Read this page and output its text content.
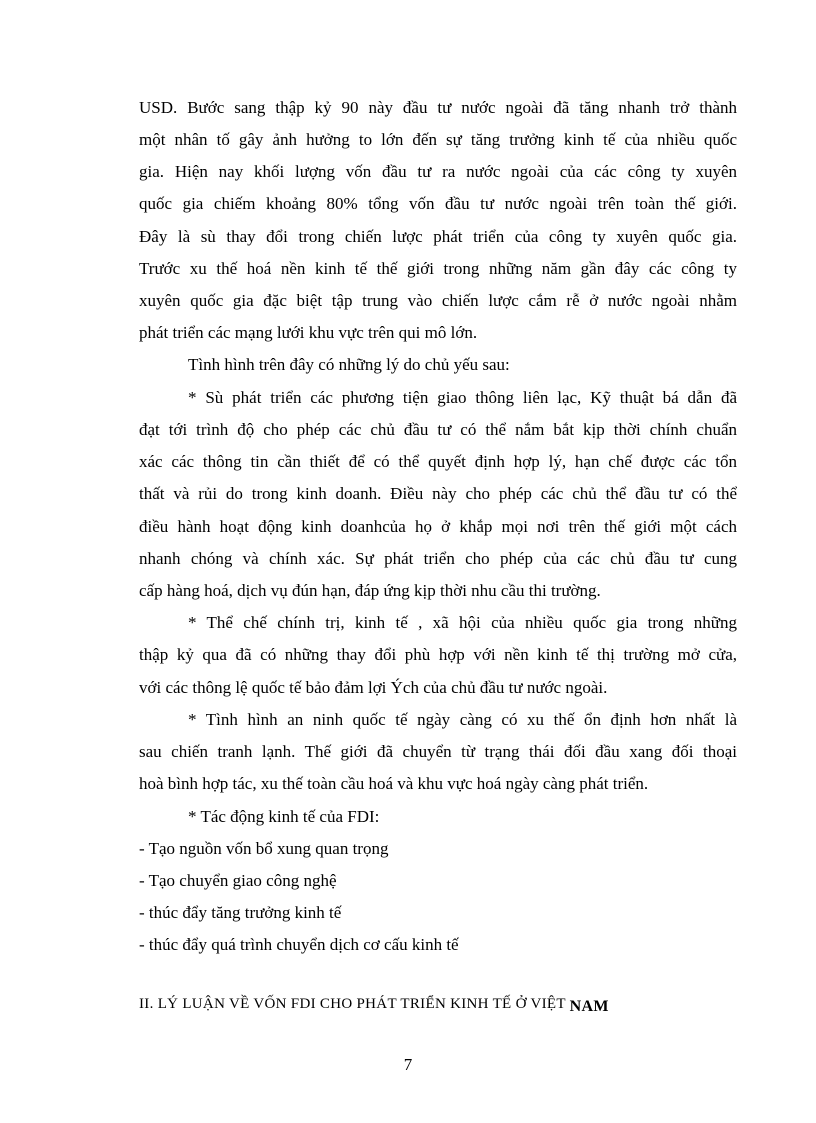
USD. Bước sang thập kỷ 90 này đầu tư nước ngoài đã tăng nhanh trở thành
một nhân tố gây ảnh hưởng to lớn đến sự tăng trưởng kinh tế của nhiều quốc
gia. Hiện nay khối lượng vốn đầu tư ra nước ngoài của các công ty xuyên
quốc gia chiếm khoảng 80% tổng vốn đầu tư nước ngoài trên toàn thế giới.
Đây là sù thay đổi trong chiến lược phát triển của công ty xuyên quốc gia.
Trước xu thế hoá nền kinh tế thế giới trong những năm gần đây các công ty
xuyên quốc gia đặc biệt tập trung vào chiến lược cắm rễ ở nước ngoài nhằm
phát triển các mạng lưới khu vực trên qui mô lớn.
Tình hình trên đây có những lý do chủ yếu sau:
* Sù phát triển các phương tiện giao thông liên lạc, Kỹ thuật bá dẫn đã
đạt tới trình độ cho phép các chủ đầu tư có thể nắm bắt kịp thời chính chuẩn
xác các thông tin cần thiết để có thể quyết định hợp lý, hạn chế được các tổn
thất và rủi do trong kinh doanh. Điều này cho phép các chủ thể đầu tư có thể
điều hành hoạt động kinh doanhcủa họ ở khắp mọi nơi trên thế giới một cách
nhanh chóng và chính xác. Sự phát triển cho phép của các chủ đầu tư cung
cấp hàng hoá, dịch vụ đún hạn, đáp ứng kịp thời nhu cầu thi trường.
* Thể chế chính trị, kinh tế , xã hội của nhiều quốc gia trong những
thập kỷ qua đã có những thay đổi phù hợp với nền kinh tế thị trường mở cửa,
với các thông lệ quốc tế bảo đảm lợi Ých của chủ đầu tư nước ngoài.
* Tình hình an ninh quốc tế ngày càng có xu thế ổn định hơn nhất là
sau chiến tranh lạnh. Thế giới đã chuyển từ trạng thái đối đầu xang đối thoại
hoà bình hợp tác, xu thế toàn cầu hoá và khu vực hoá ngày càng phát triển.
* Tác động kinh tế của FDI:
- Tạo nguồn vốn bổ xung quan trọng
- Tạo chuyển giao công nghệ
- thúc đẩy tăng trưởng kinh tế
- thúc đẩy quá trình chuyển dịch cơ cấu kinh tế
II. LÝ LUẬN VỀ VỐN FDI CHO PHÁT TRIỂN KINH TẾ Ở VIỆT NAM
7
